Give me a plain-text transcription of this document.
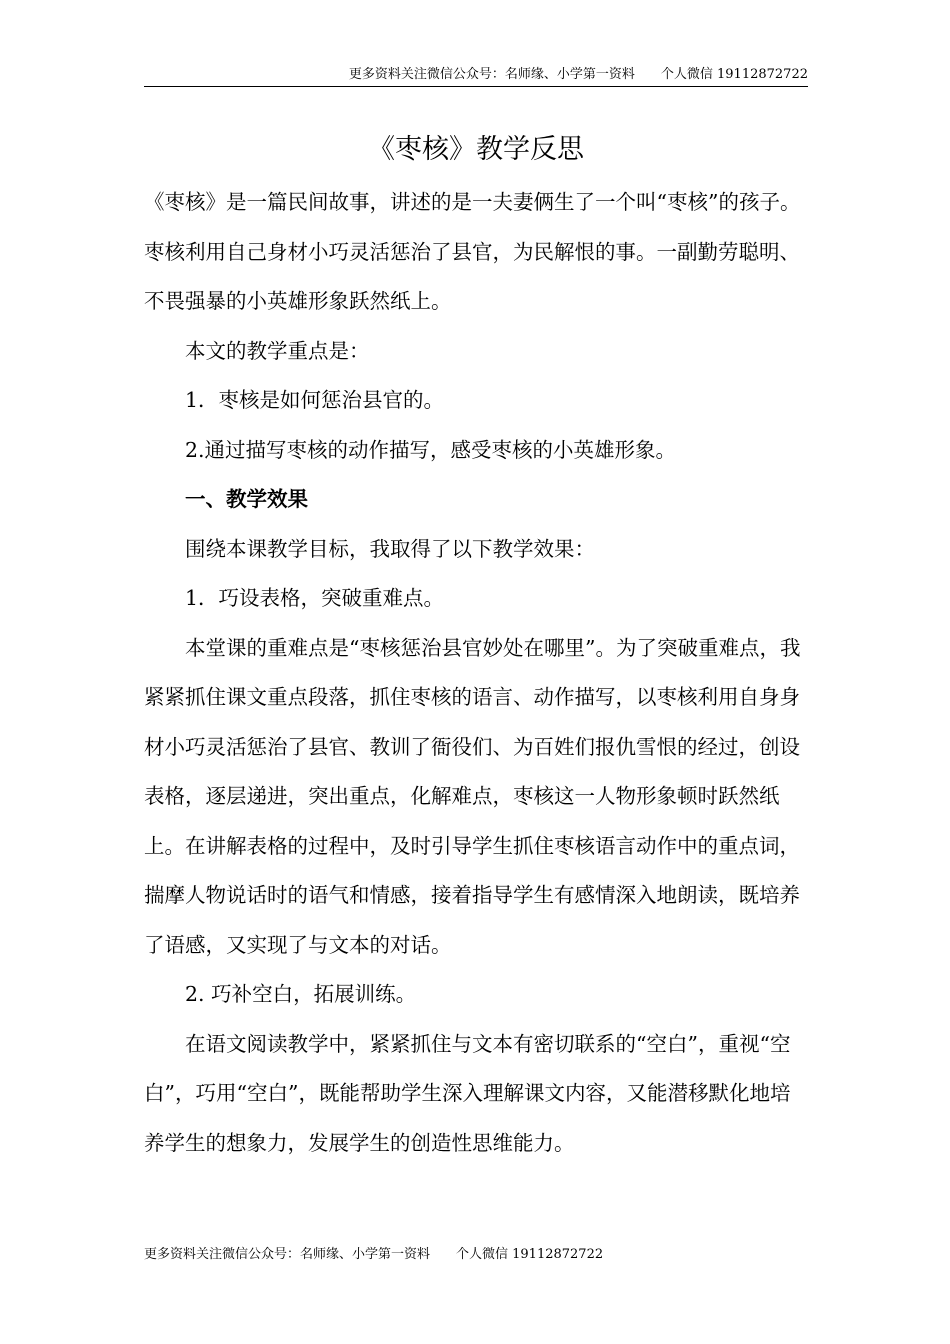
更多资料关注微信公众号：名师缘、小学第一资料　　个人微信 19112872722
《枣核》教学反思

《枣核》是一篇民间故事，讲述的是一夫妻俩生了一个叫“枣核”的孩子。枣核利用自己身材小巧灵活惩治了县官，为民解恨的事。一副勤劳聪明、不畏强暴的小英雄形象跃然纸上。

本文的教学重点是：

1．枣核是如何惩治县官的。

2.通过描写枣核的动作描写，感受枣核的小英雄形象。

一、教学效果

围绕本课教学目标，我取得了以下教学效果：

1．巧设表格，突破重难点。

本堂课的重难点是“枣核惩治县官妙处在哪里”。为了突破重难点，我紧紧抓住课文重点段落，抓住枣核的语言、动作描写，以枣核利用自身身材小巧灵活惩治了县官、教训了衙役们、为百姓们报仇雪恨的经过，创设表格，逐层递进，突出重点，化解难点，枣核这一人物形象顿时跃然纸上。在讲解表格的过程中，及时引导学生抓住枣核语言动作中的重点词，揣摩人物说话时的语气和情感，接着指导学生有感情深入地朗读，既培养了语感，又实现了与文本的对话。

2. 巧补空白，拓展训练。

在语文阅读教学中，紧紧抓住与文本有密切联系的“空白”，重视“空白”，巧用“空白”，既能帮助学生深入理解课文内容，又能潜移默化地培养学生的想象力，发展学生的创造性思维能力。

更多资料关注微信公众号：名师缘、小学第一资料　　个人微信 19112872722
